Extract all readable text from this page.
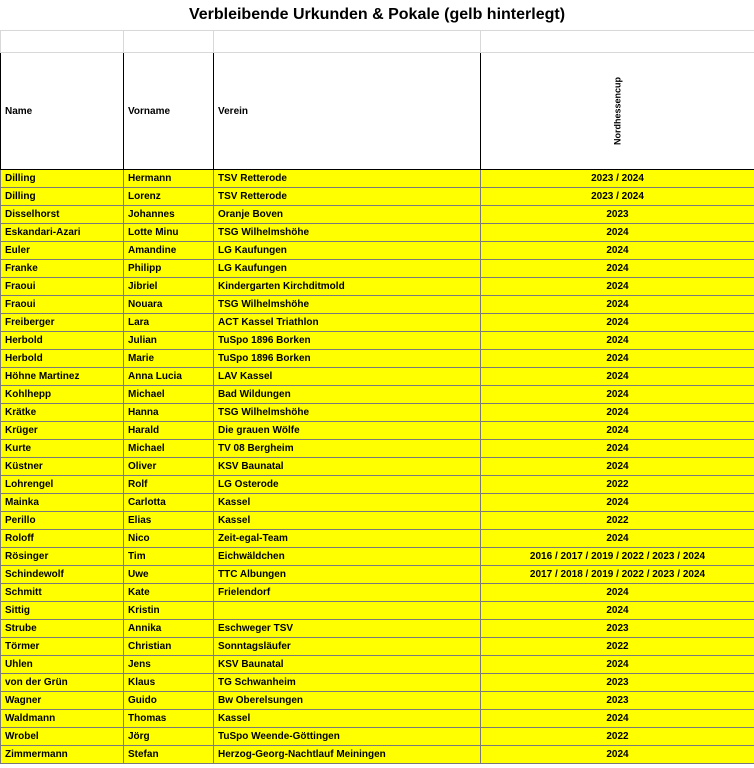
Verbleibende Urkunden & Pokale (gelb hinterlegt)

Name	Vorname	Verein	Nordhessencup

Dilling	Hermann	TSV Retterode	2023 / 2024
Dilling	Lorenz	TSV Retterode	2023 / 2024
Disselhorst	Johannes	Oranje Boven	2023
Eskandari-Azari	Lotte Minu	TSG Wilhelmshöhe	2024
Euler	Amandine	LG Kaufungen	2024
Franke	Philipp	LG Kaufungen	2024
Fraoui	Jibriel	Kindergarten Kirchditmold	2024
Fraoui	Nouara	TSG Wilhelmshöhe	2024
Freiberger	Lara	ACT Kassel Triathlon	2024
Herbold	Julian	TuSpo 1896 Borken	2024
Herbold	Marie	TuSpo 1896 Borken	2024
Höhne Martinez	Anna Lucia	LAV Kassel	2024
Kohlhepp	Michael	Bad Wildungen	2024
Krätke	Hanna	TSG Wilhelmshöhe	2024
Krüger	Harald	Die grauen Wölfe	2024
Kurte	Michael	TV 08 Bergheim	2024
Küstner	Oliver	KSV Baunatal	2024
Lohrengel	Rolf	LG Osterode	2022
Mainka	Carlotta	Kassel	2024
Perillo	Elias	Kassel	2022
Roloff	Nico	Zeit-egal-Team	2024
Rösinger	Tim	Eichwäldchen	2016 / 2017 / 2019 / 2022 / 2023 / 2024
Schindewolf	Uwe	TTC Albungen	2017 / 2018 / 2019 / 2022 / 2023 / 2024
Schmitt	Kate	Frielendorf	2024
Sittig	Kristin		2024
Strube	Annika	Eschweger TSV	2023
Törmer	Christian	Sonntagsläufer	2022
Uhlen	Jens	KSV Baunatal	2024
von der Grün	Klaus	TG Schwanheim	2023
Wagner	Guido	Bw Oberelsungen	2023
Waldmann	Thomas	Kassel	2024
Wrobel	Jörg	TuSpo Weende-Göttingen	2022
Zimmermann	Stefan	Herzog-Georg-Nachtlauf Meiningen	2024
